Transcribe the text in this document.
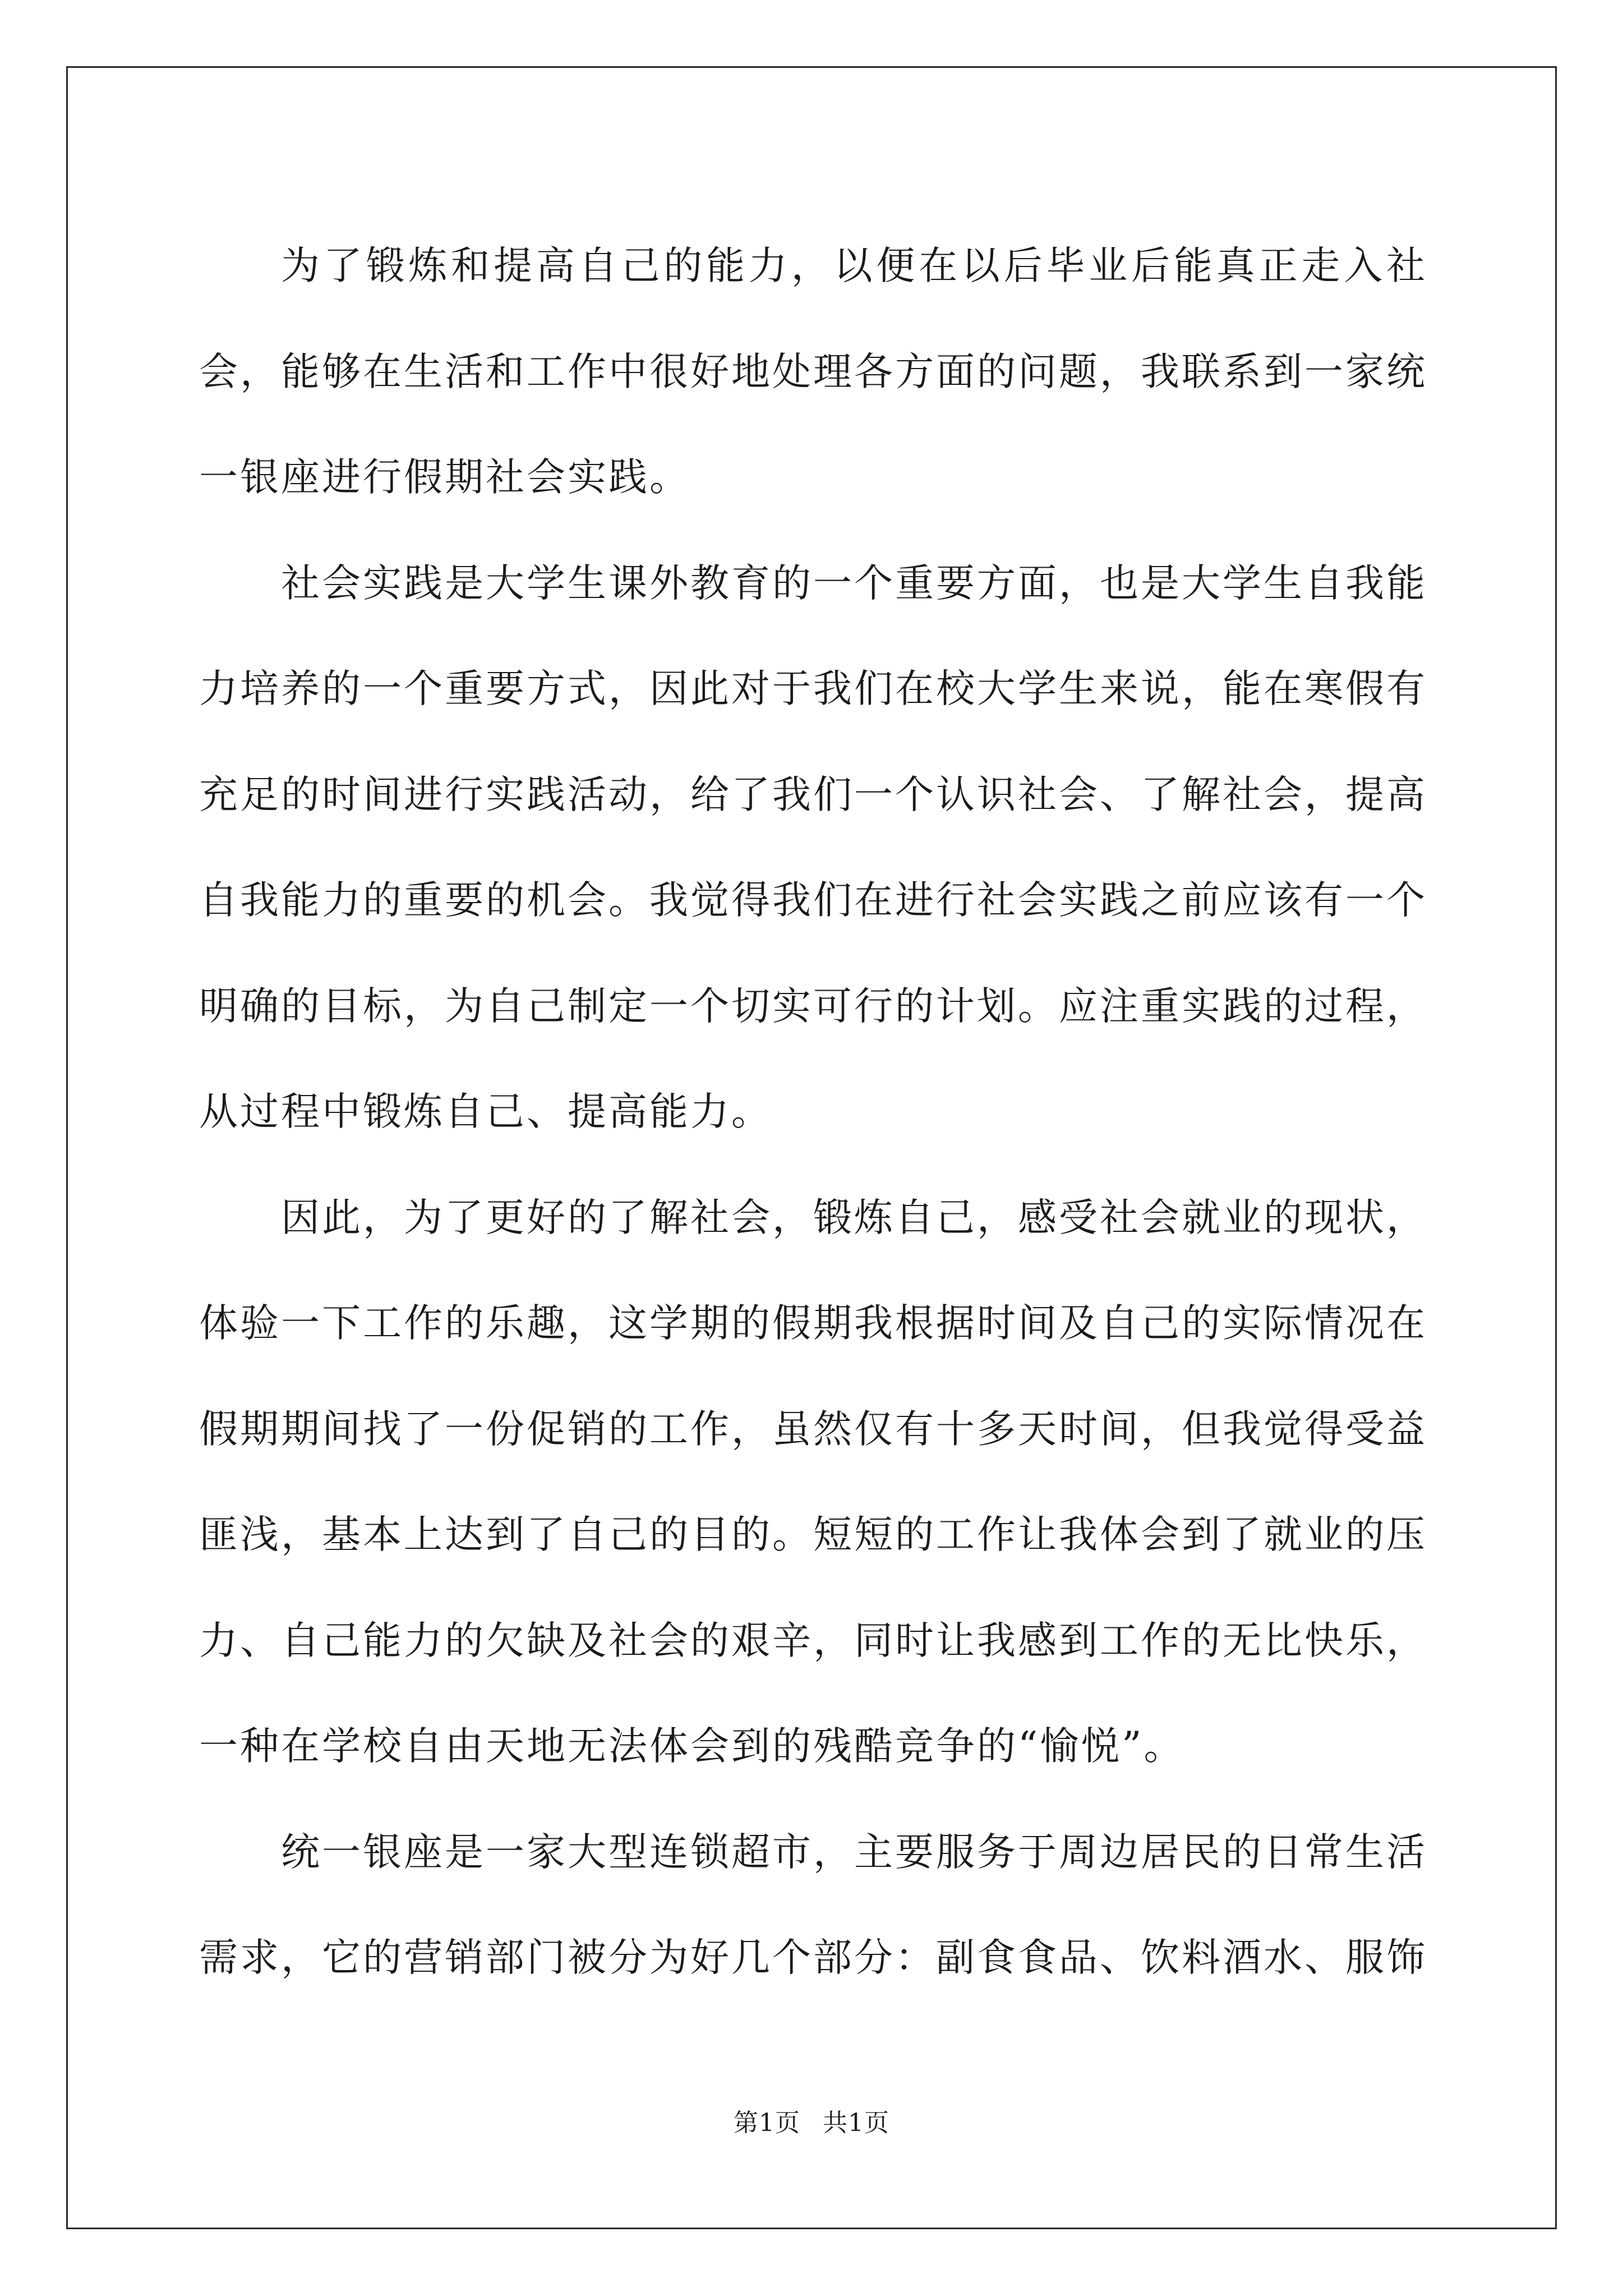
为了锻炼和提高自己的能力，以便在以后毕业后能真正走入社会，能够在生活和工作中很好地处理各方面的问题，我联系到一家统一银座进行假期社会实践。

社会实践是大学生课外教育的一个重要方面，也是大学生自我能力培养的一个重要方式，因此对于我们在校大学生来说，能在寒假有充足的时间进行实践活动，给了我们一个认识社会、了解社会，提高自我能力的重要的机会。我觉得我们在进行社会实践之前应该有一个明确的目标，为自己制定一个切实可行的计划。应注重实践的过程，从过程中锻炼自己、提高能力。

因此，为了更好的了解社会，锻炼自己，感受社会就业的现状，体验一下工作的乐趣，这学期的假期我根据时间及自己的实际情况在假期期间找了一份促销的工作，虽然仅有十多天时间，但我觉得受益匪浅，基本上达到了自己的目的。短短的工作让我体会到了就业的压力、自己能力的欠缺及社会的艰辛，同时让我感到工作的无比快乐，一种在学校自由天地无法体会到的残酷竞争的“愉悦”。

统一银座是一家大型连锁超市，主要服务于周边居民的日常生活需求，它的营销部门被分为好几个部分：副食食品、饮料酒水、服饰

第1页 共1页
